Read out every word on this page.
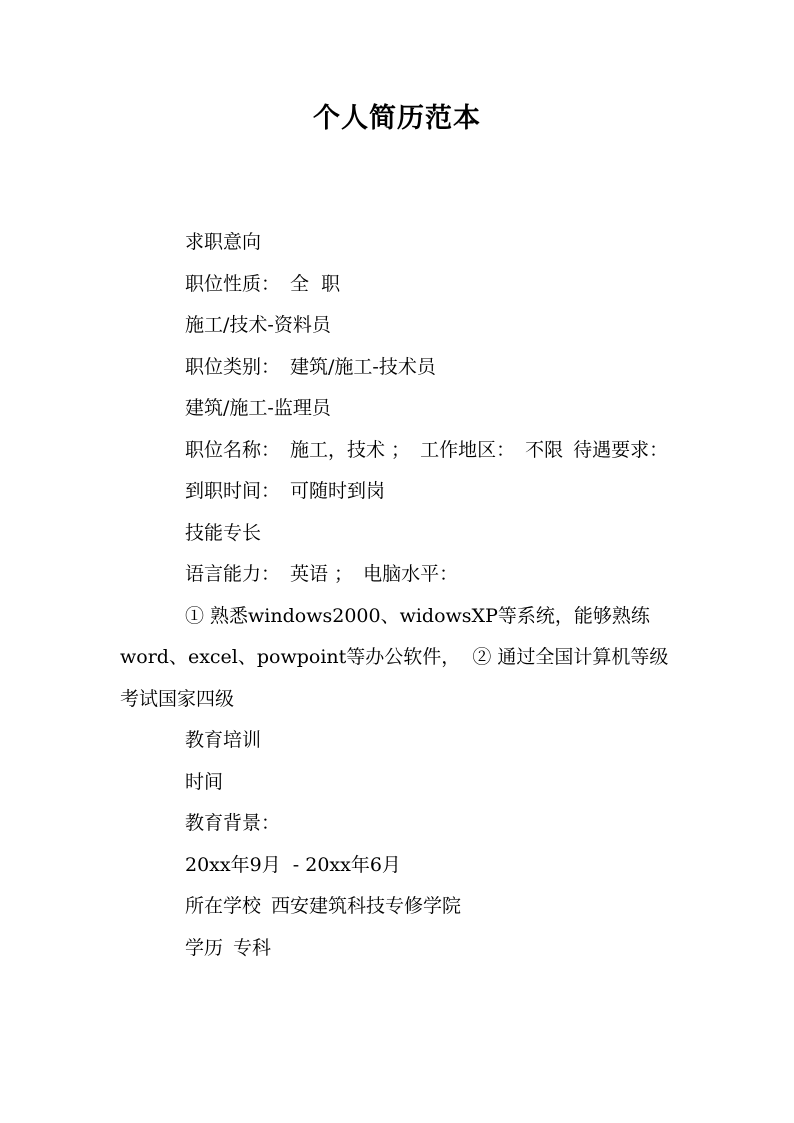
个人简历范本

求职意向

职位性质： 全  职

施工/技术-资料员

职位类别： 建筑/施工-技术员

建筑/施工-监理员

职位名称： 施工，技术 ； 工作地区： 不限 待遇要求：

到职时间： 可随时到岗

技能专长

语言能力： 英语 ； 电脑水平：

① 熟悉windows2000、widowsXP等系统，能够熟练word、excel、powpoint等办公软件，  ② 通过全国计算机等级考试国家四级

教育培训

时间

教育背景：

20xx年9月  - 20xx年6月

所在学校 西安建筑科技专修学院

学历 专科
